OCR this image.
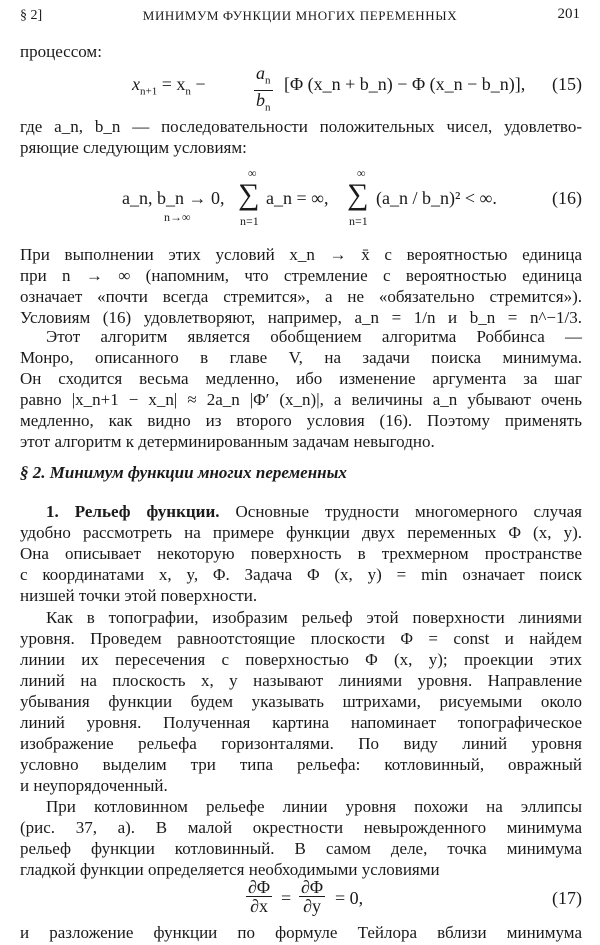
§ 2]	МИНИМУМ ФУНКЦИИ МНОГИХ ПЕРЕМЕННЫХ	201
процессом:
$x_{n+1} = x_n$ −	$\frac{a_n}{b_n} [\Phi$ (x_n + b_n) − Φ (x_n − b_n)], (15)
где a_n, b_n — последовательности положительных чисел, удовлетво-
ряющие следующим условиям:
a_n, b_n → 0,
n→∞
∞
∑
n=1
a_n = ∞,
∞
∑
n=1
(a_n / b_n)² < ∞.	(16)
При выполнении этих условий x_n → x̄ с вероятностью единица
при n → ∞ (напомним, что стремление с вероятностью единица
означает «почти всегда стремится», а не «обязательно стремится»).
Условиям (16) удовлетворяют, например, a_n = 1/n и b_n = n^−1/3.
Этот алгоритм является обобщением алгоритма Роббинса —
Монро, описанного в главе V, на задачи поиска минимума.
Он сходится весьма медленно, ибо изменение аргумента за шаг
равно |x_n+1 − x_n| ≈ 2a_n |Φ′ (x_n)|, а величины a_n убывают очень
медленно, как видно из второго условия (16). Поэтому применять
этот алгоритм к детерминированным задачам невыгодно.
§ 2. Минимум функции многих переменных
1. Рельеф функции. Основные трудности многомерного случая
удобно рассмотреть на примере функции двух переменных Φ (x, y).
Она описывает некоторую поверхность в трехмерном пространстве
с координатами x, y, Φ. Задача Φ (x, y) = min означает поиск
низшей точки этой поверхности.
Как в топографии, изобразим рельеф этой поверхности линиями
уровня. Проведем равноотстоящие плоскости Φ = const и найдем
линии их пересечения с поверхностью Φ (x, y); проекции этих
линий на плоскость x, y называют линиями уровня. Направление
убывания функции будем указывать штрихами, рисуемыми около
линий уровня. Полученная картина напоминает топографическое
изображение рельефа горизонталями. По виду линий уровня
условно выделим три типа рельефа: котловинный, овражный
и неупорядоченный.
При котловинном рельефе линии уровня похожи на эллипсы
(рис. 37, а). В малой окрестности невырожденного минимума
рельеф функции котловинный. В самом деле, точка минимума
гладкой функции определяется необходимыми условиями
$\frac{\partial\Phi}{\partial x} = \frac{\partial\Phi}{\partial y} = 0$,	(17)
и разложение функции по формуле Тейлора вблизи минимума
